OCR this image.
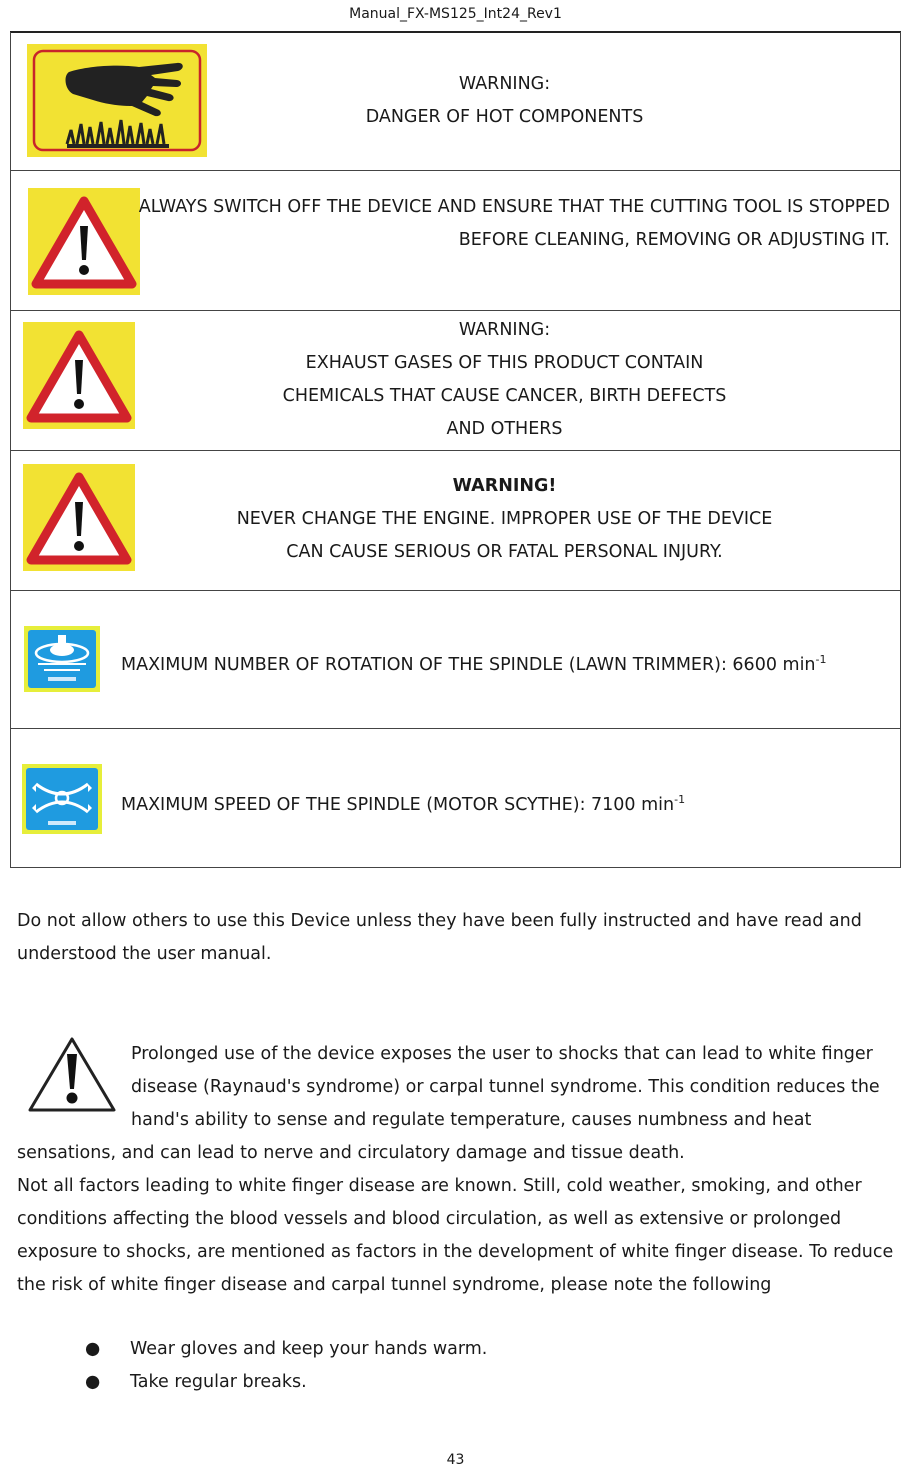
Manual_FX-MS125_Int24_Rev1
WARNING:
DANGER OF HOT COMPONENTS
ALWAYS SWITCH OFF THE DEVICE AND ENSURE THAT THE CUTTING TOOL IS STOPPED
BEFORE CLEANING, REMOVING OR ADJUSTING IT.
WARNING:
EXHAUST GASES OF THIS PRODUCT CONTAIN
CHEMICALS THAT CAUSE CANCER, BIRTH DEFECTS
AND OTHERS
WARNING!
NEVER CHANGE THE ENGINE. IMPROPER USE OF THE DEVICE
CAN CAUSE SERIOUS OR FATAL PERSONAL INJURY.
MAXIMUM NUMBER OF ROTATION OF THE SPINDLE (LAWN TRIMMER): 6600 $\min^{-1}$
MAXIMUM SPEED OF THE SPINDLE (MOTOR SCYTHE): 7100 $\min^{-1}$
Do not allow others to use this Device unless they have been fully instructed and have read and
understood the user manual.
Prolonged use of the device exposes the user to shocks that can lead to white finger
disease (Raynaud's syndrome) or carpal tunnel syndrome. This condition reduces the
hand's ability to sense and regulate temperature, causes numbness and heat
sensations, and can lead to nerve and circulatory damage and tissue death.
Not all factors leading to white finger disease are known. Still, cold weather, smoking, and other
conditions affecting the blood vessels and blood circulation, as well as extensive or prolonged
exposure to shocks, are mentioned as factors in the development of white finger disease. To reduce
the risk of white finger disease and carpal tunnel syndrome, please note the following
● Wear gloves and keep your hands warm.
● Take regular breaks.
43
